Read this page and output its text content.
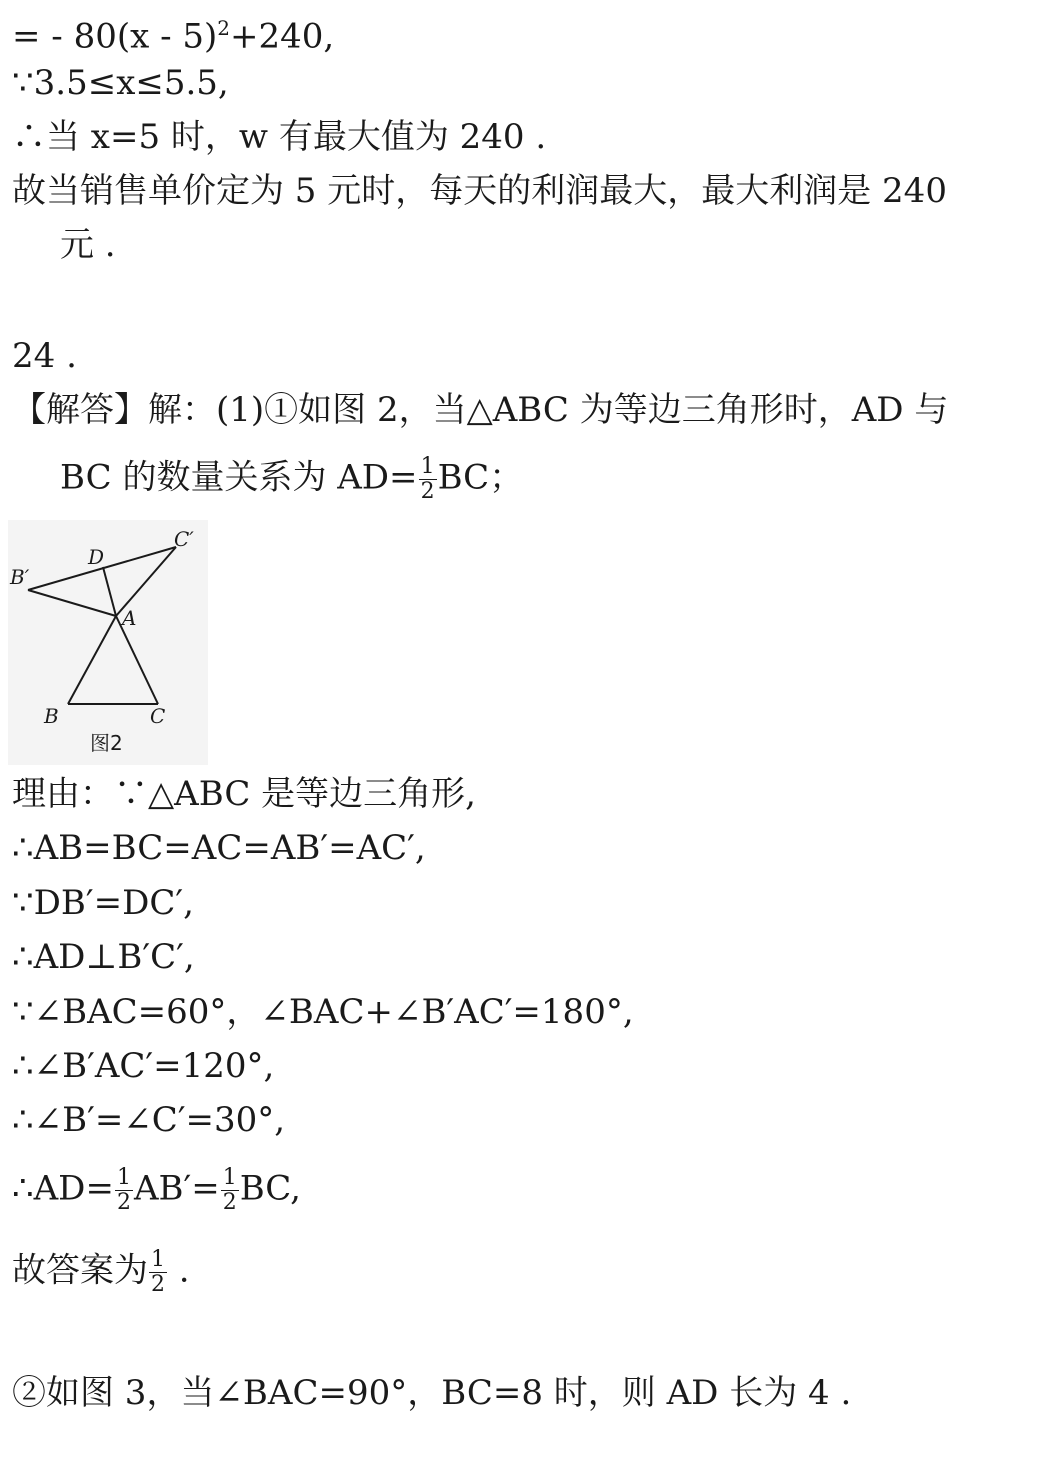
= - 80(x - 5)$^2$+240,
∵3.5≤x≤5.5,
∴当 x=5 时，w 有最大值为 240 .
故当销售单价定为 5 元时，每天的利润最大，最大利润是 240
元 .
24 .
【解答】解：(1)①如图 2，当△ABC 为等边三角形时，AD 与
BC 的数量关系为 $AD= \frac{1}{2}$ BC；
B′
D
C′
A
B	C
图2
理由：∵△ABC 是等边三角形,
∴AB=BC=AC=AB′=AC′,
∵DB′=DC′,
∴AD⊥B′C′,
∵∠BAC=60°，∠BAC+∠B′AC′=180°,
∴∠B′AC′=120°,
∴∠B′=∠C′=30°,
∴AD= $\frac{1}{2} AB'= \frac{1}{2}$ BC,
故答案为 $\frac{1}{2}$ .
②如图 3，当∠BAC=90°，BC=8 时，则 AD 长为 4 .
